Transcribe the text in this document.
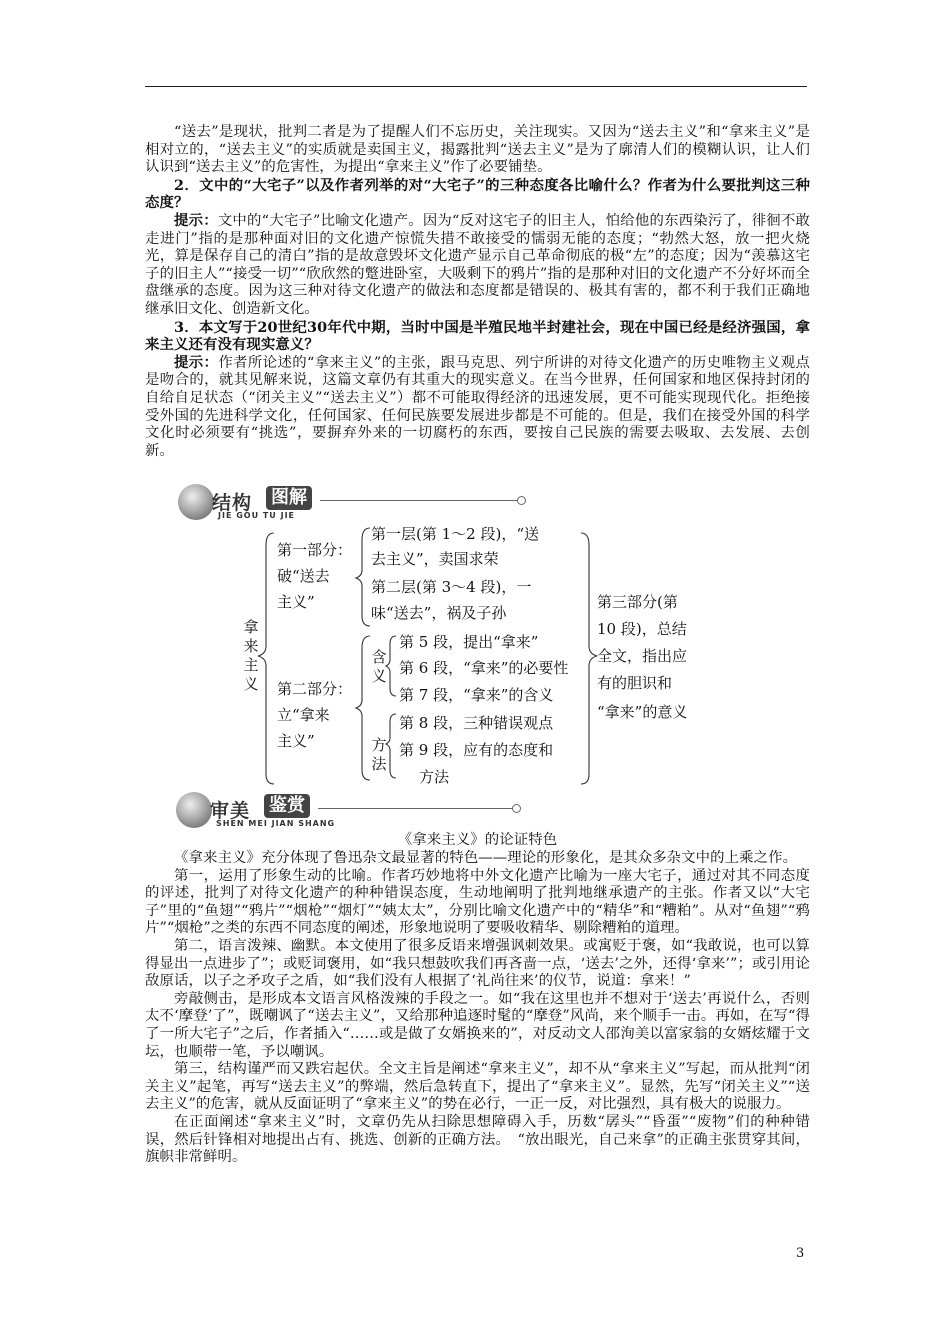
“送去”是现状，批判二者是为了提醒人们不忘历史，关注现实。又因为“送去主义”和“拿来主义”是相对立的，“送去主义”的实质就是卖国主义，揭露批判“送去主义”是为了廓清人们的模糊认识，让人们认识到“送去主义”的危害性，为提出“拿来主义”作了必要铺垫。

2．文中的“大宅子”以及作者列举的对“大宅子”的三种态度各比喻什么？作者为什么要批判这三种态度？

提示：文中的“大宅子”比喻文化遗产。因为“反对这宅子的旧主人，怕给他的东西染污了，徘徊不敢走进门”指的是那种面对旧的文化遗产惊慌失措不敢接受的懦弱无能的态度；“勃然大怒，放一把火烧光，算是保存自己的清白”指的是故意毁坏文化遗产显示自己革命彻底的极“左”的态度；因为“羡慕这宅子的旧主人”“接受一切”“欣欣然的蹩进卧室，大吸剩下的鸦片”指的是那种对旧的文化遗产不分好坏而全盘继承的态度。因为这三种对待文化遗产的做法和态度都是错误的、极其有害的，都不利于我们正确地继承旧文化、创造新文化。

3．本文写于20世纪30年代中期，当时中国是半殖民地半封建社会，现在中国已经是经济强国，拿来主义还有没有现实意义？

提示：作者所论述的“拿来主义”的主张，跟马克思、列宁所讲的对待文化遗产的历史唯物主义观点是吻合的，就其见解来说，这篇文章仍有其重大的现实意义。在当今世界，任何国家和地区保持封闭的自给自足状态（“闭关主义”“送去主义”）都不可能取得经济的迅速发展，更不可能实现现代化。拒绝接受外国的先进科学文化，任何国家、任何民族要发展进步都是不可能的。但是，我们在接受外国的科学文化时必须要有“挑选”，要摒弃外来的一切腐朽的东西，要按自己民族的需要去吸取、去发展、去创新。

结构 图解
JIE GOU TU JIE
拿来主义
第一部分：
破“送去
主义”
第一层(第 1～2 段)，“送
去主义”，卖国求荣
第二层(第 3～4 段)，一
味“送去”，祸及子孙
第二部分：
立“拿来
主义”
含义
方法
第 5 段，提出“拿来”
第 6 段，“拿来”的必要性
第 7 段，“拿来”的含义
第 8 段，三种错误观点
第 9 段，应有的态度和
方法
第三部分(第
10 段)，总结
全文，指出应
有的胆识和
“拿来”的意义
审美 鉴赏
SHEN MEI JIAN SHANG
《拿来主义》的论证特色

《拿来主义》充分体现了鲁迅杂文最显著的特色——理论的形象化，是其众多杂文中的上乘之作。

第一，运用了形象生动的比喻。作者巧妙地将中外文化遗产比喻为一座大宅子，通过对其不同态度的评述，批判了对待文化遗产的种种错误态度，生动地阐明了批判地继承遗产的主张。作者又以“大宅子”里的“鱼翅”“鸦片”“烟枪”“烟灯”“姨太太”，分别比喻文化遗产中的“精华”和“糟粕”。从对“鱼翅”“鸦片”“烟枪”之类的东西不同态度的阐述，形象地说明了要吸收精华、剔除糟粕的道理。

第二，语言泼辣、幽默。本文使用了很多反语来增强讽刺效果。或寓贬于褒，如“我敢说，也可以算得显出一点进步了”；或贬词褒用，如“我只想鼓吹我们再吝啬一点，‘送去’之外，还得‘拿来’”；或引用论敌原话，以子之矛攻子之盾，如“我们没有人根据了‘礼尚往来’的仪节，说道：拿来！”

旁敲侧击，是形成本文语言风格泼辣的手段之一。如“我在这里也并不想对于‘送去’再说什么，否则太不‘摩登’了”，既嘲讽了“送去主义”，又给那种追逐时髦的“摩登”风尚，来个顺手一击。再如，在写“得了一所大宅子”之后，作者插入“……或是做了女婿换来的”，对反动文人邵洵美以富家翁的女婿炫耀于文坛，也顺带一笔，予以嘲讽。

第三，结构谨严而又跌宕起伏。全文主旨是阐述“拿来主义”，却不从“拿来主义”写起，而从批判“闭关主义”起笔，再写“送去主义”的弊端，然后急转直下，提出了“拿来主义”。显然，先写“闭关主义”“送去主义”的危害，就从反面证明了“拿来主义”的势在必行，一正一反，对比强烈，具有极大的说服力。

在正面阐述“拿来主义”时，文章仍先从扫除思想障碍入手，历数“孱头”“昏蛋”“废物”们的种种错误，然后针锋相对地提出占有、挑选、创新的正确方法。　“放出眼光，自己来拿”的正确主张贯穿其间，旗帜非常鲜明。

3
